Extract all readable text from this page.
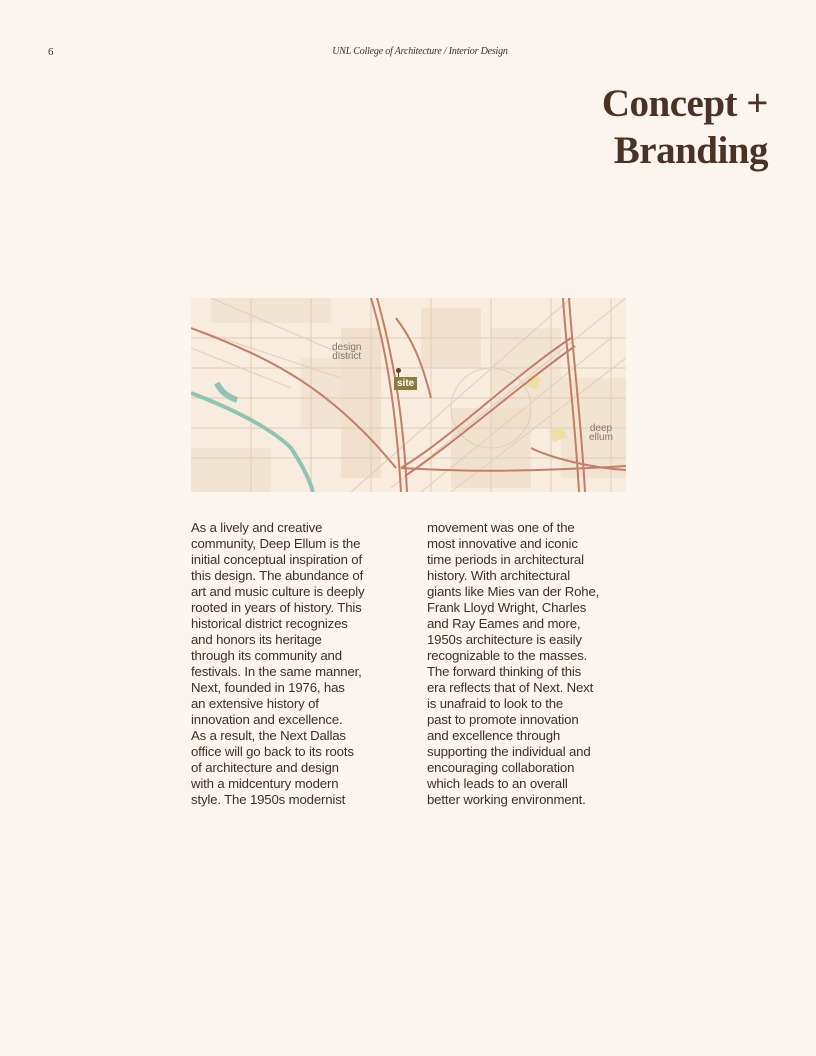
6	UNL College of Architecture / Interior Design
Concept +
Branding
design
district
site
deep
ellum

As a lively and creative
community, Deep Ellum is the
initial conceptual inspiration of
this design. The abundance of
art and music culture is deeply
rooted in years of history. This
historical district recognizes
and honors its heritage
through its community and
festivals. In the same manner,
Next, founded in 1976, has
an extensive history of
innovation and excellence.
As a result, the Next Dallas
office will go back to its roots
of architecture and design
with a midcentury modern
style. The 1950s modernist

movement was one of the
most innovative and iconic
time periods in architectural
history. With architectural
giants like Mies van der Rohe,
Frank Lloyd Wright, Charles
and Ray Eames and more,
1950s architecture is easily
recognizable to the masses.
The forward thinking of this
era reflects that of Next. Next
is unafraid to look to the
past to promote innovation
and excellence through
supporting the individual and
encouraging collaboration
which leads to an overall
better working environment.
